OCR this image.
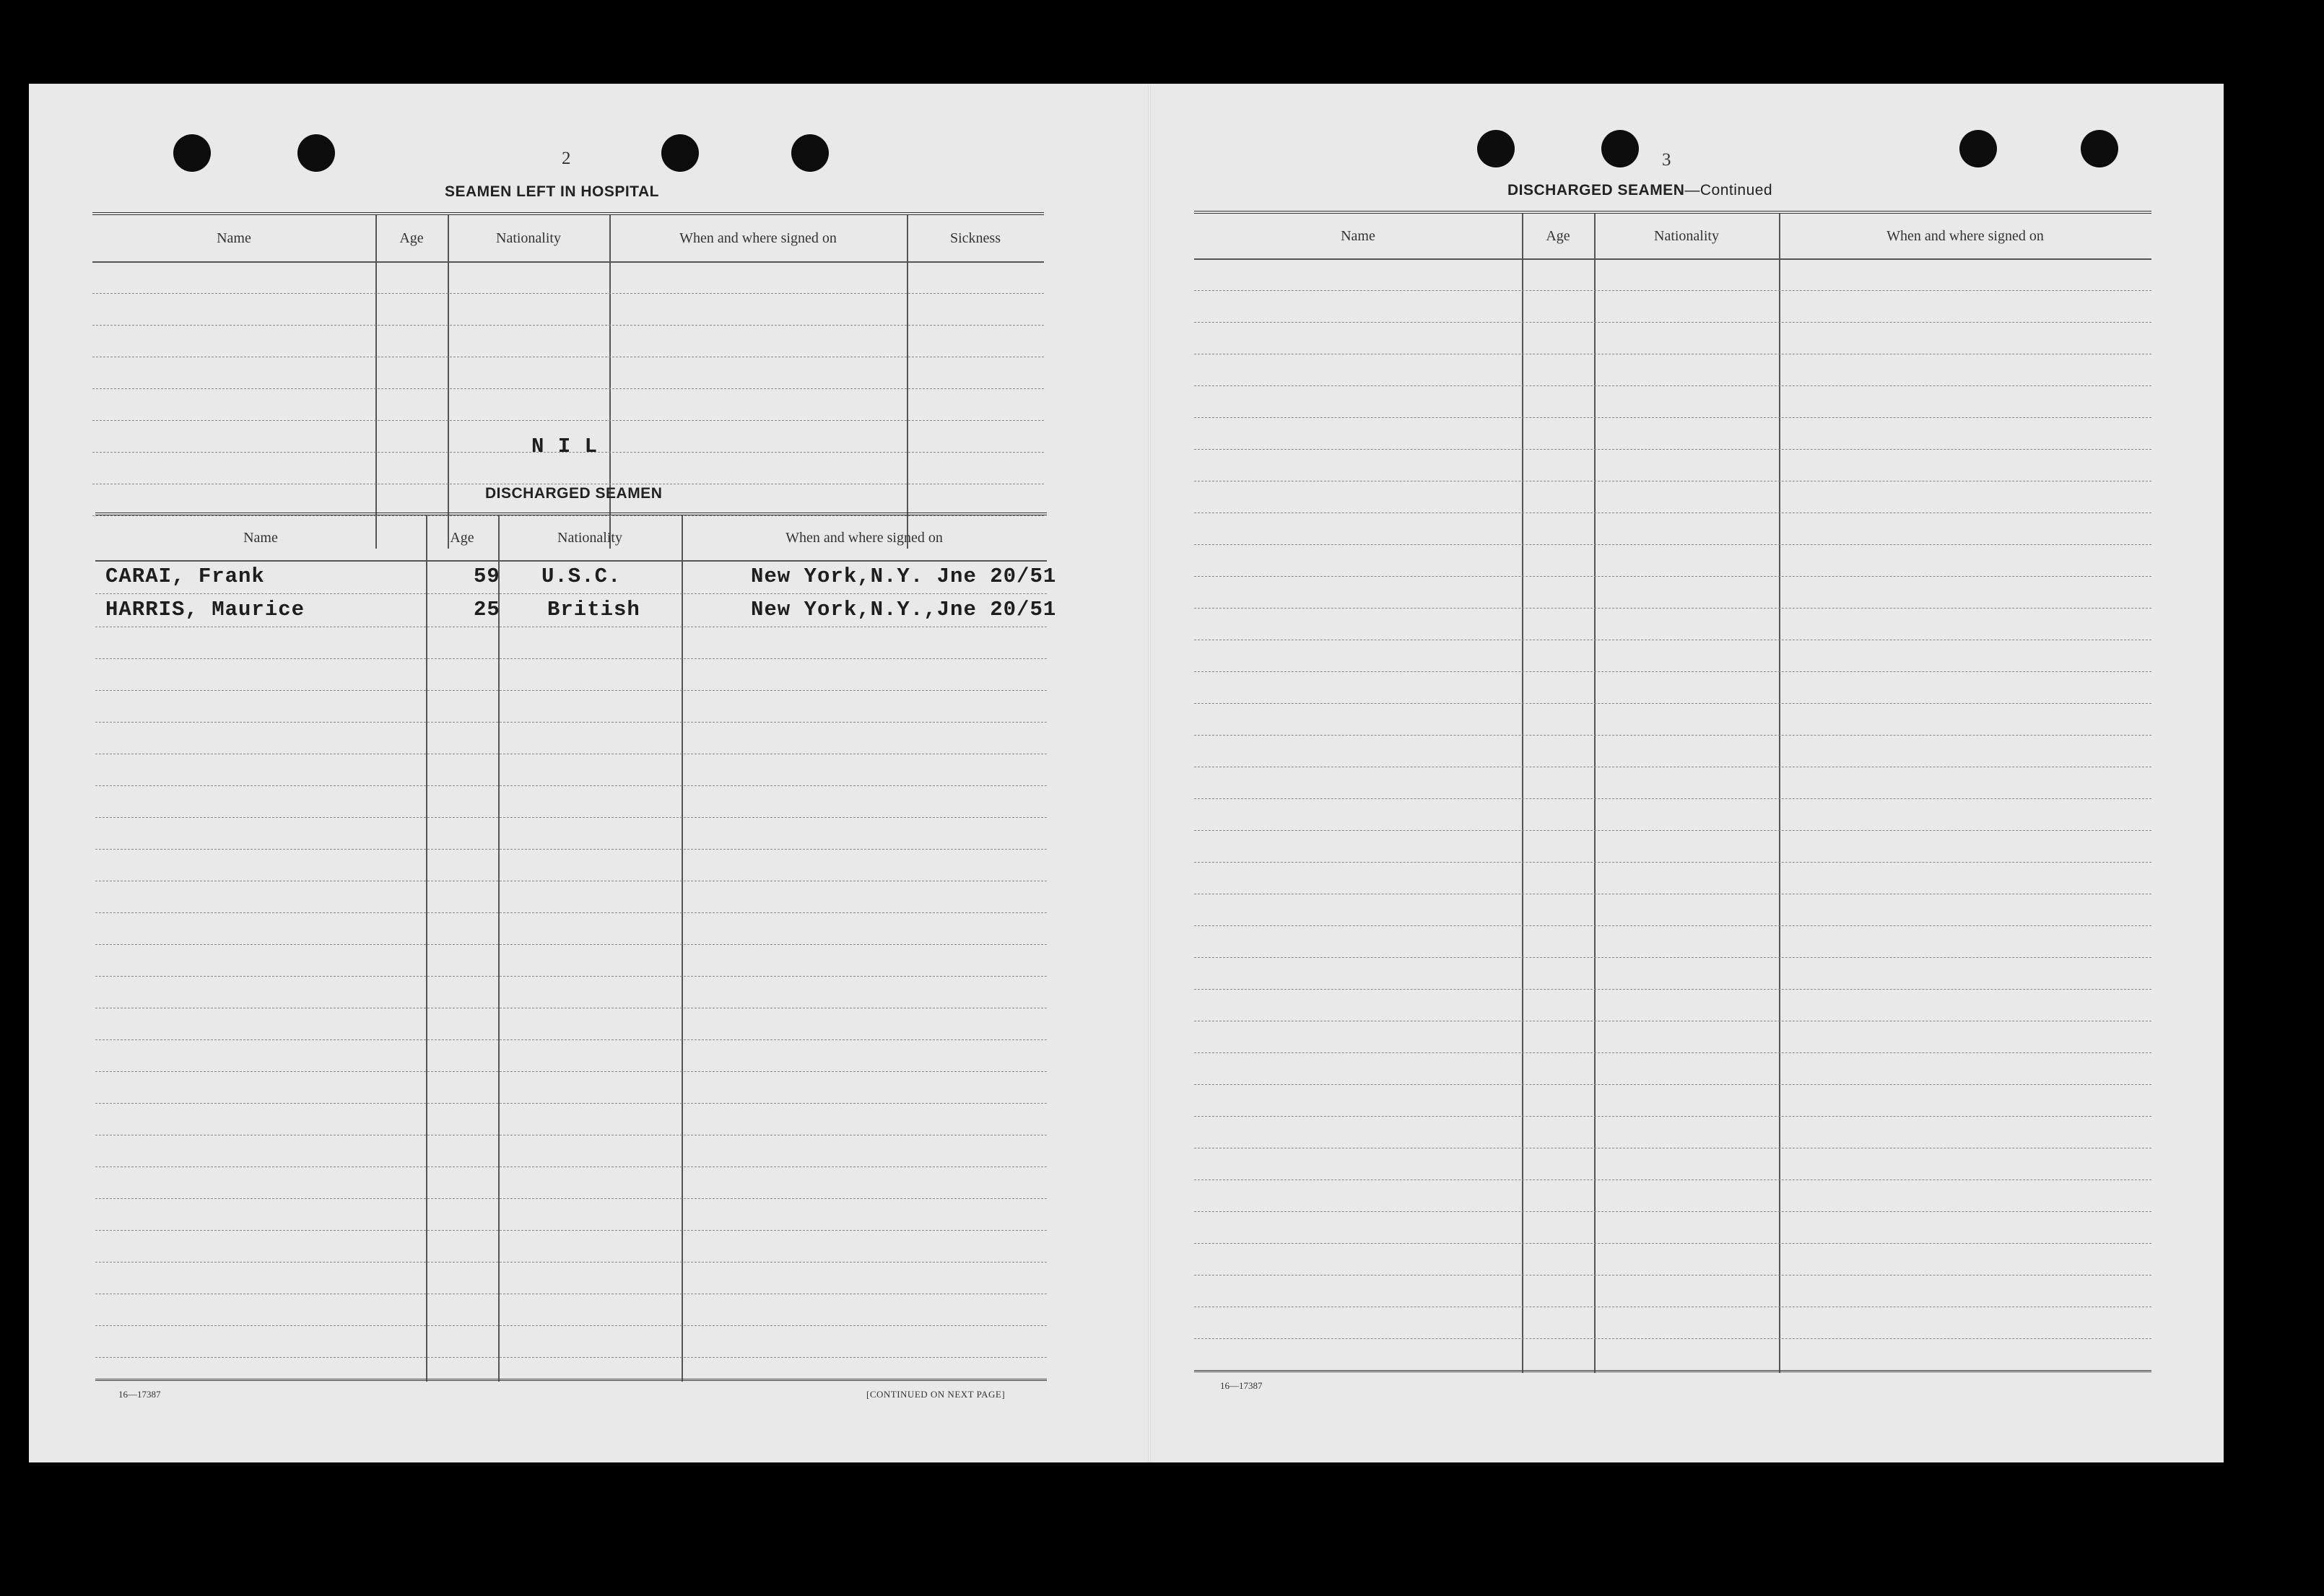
2
SEAMEN LEFT IN HOSPITAL
Name	Age	Nationality	When and where signed on	Sickness
N I L
DISCHARGED SEAMEN
Name	Age	Nationality	When and where signed on
CARAI, Frank	59 U.S.C.	New York,N.Y. Jne 20/51
HARRIS, Maurice	25 British	New York,N.Y.,Jne 20/51
16—17387	[CONTINUED ON NEXT PAGE]
3
DISCHARGED SEAMEN—Continued
Name	Age	Nationality	When and where signed on
16—17387
